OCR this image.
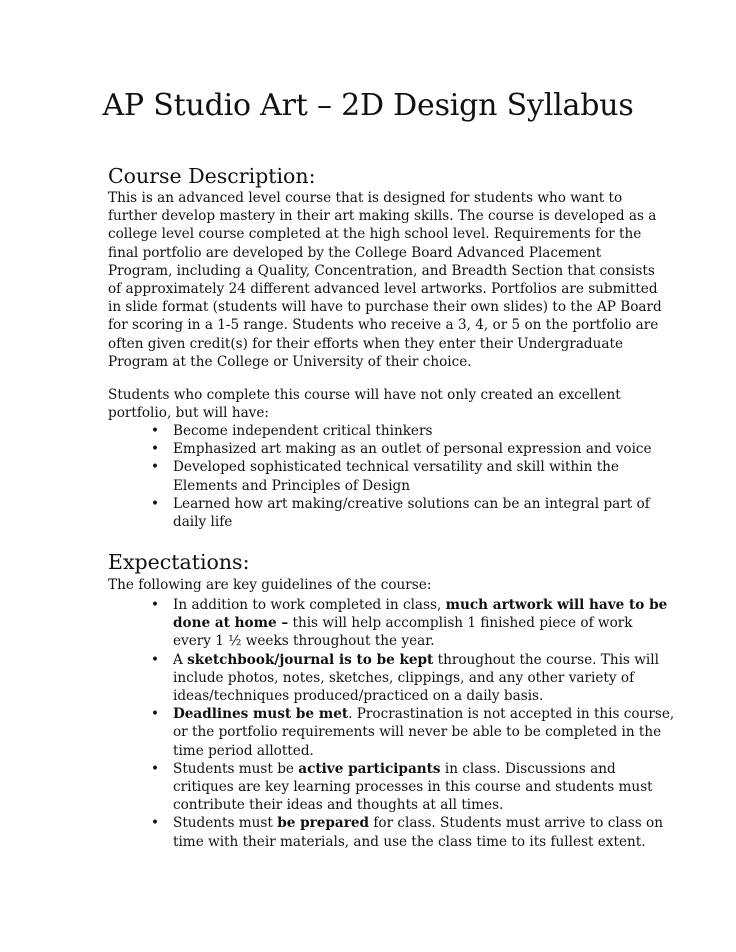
AP Studio Art – 2D Design Syllabus
Course Description:

This is an advanced level course that is designed for students who want to
further develop mastery in their art making skills. The course is developed as a
college level course completed at the high school level. Requirements for the
final portfolio are developed by the College Board Advanced Placement
Program, including a Quality, Concentration, and Breadth Section that consists
of approximately 24 different advanced level artworks. Portfolios are submitted
in slide format (students will have to purchase their own slides) to the AP Board
for scoring in a 1-5 range. Students who receive a 3, 4, or 5 on the portfolio are
often given credit(s) for their efforts when they enter their Undergraduate
Program at the College or University of their choice.

Students who complete this course will have not only created an excellent
portfolio, but will have:

• Become independent critical thinkers
• Emphasized art making as an outlet of personal expression and voice
• Developed sophisticated technical versatility and skill within the
Elements and Principles of Design
• Learned how art making/creative solutions can be an integral part of
daily life
Expectations:

The following are key guidelines of the course:

• In addition to work completed in class, much artwork will have to be
done at home – this will help accomplish 1 finished piece of work
every 1 ½ weeks throughout the year.
• A sketchbook/journal is to be kept throughout the course. This will
include photos, notes, sketches, clippings, and any other variety of
ideas/techniques produced/practiced on a daily basis.
• Deadlines must be met. Procrastination is not accepted in this course,
or the portfolio requirements will never be able to be completed in the
time period allotted.
• Students must be active participants in class. Discussions and
critiques are key learning processes in this course and students must
contribute their ideas and thoughts at all times.
• Students must be prepared for class. Students must arrive to class on
time with their materials, and use the class time to its fullest extent.
